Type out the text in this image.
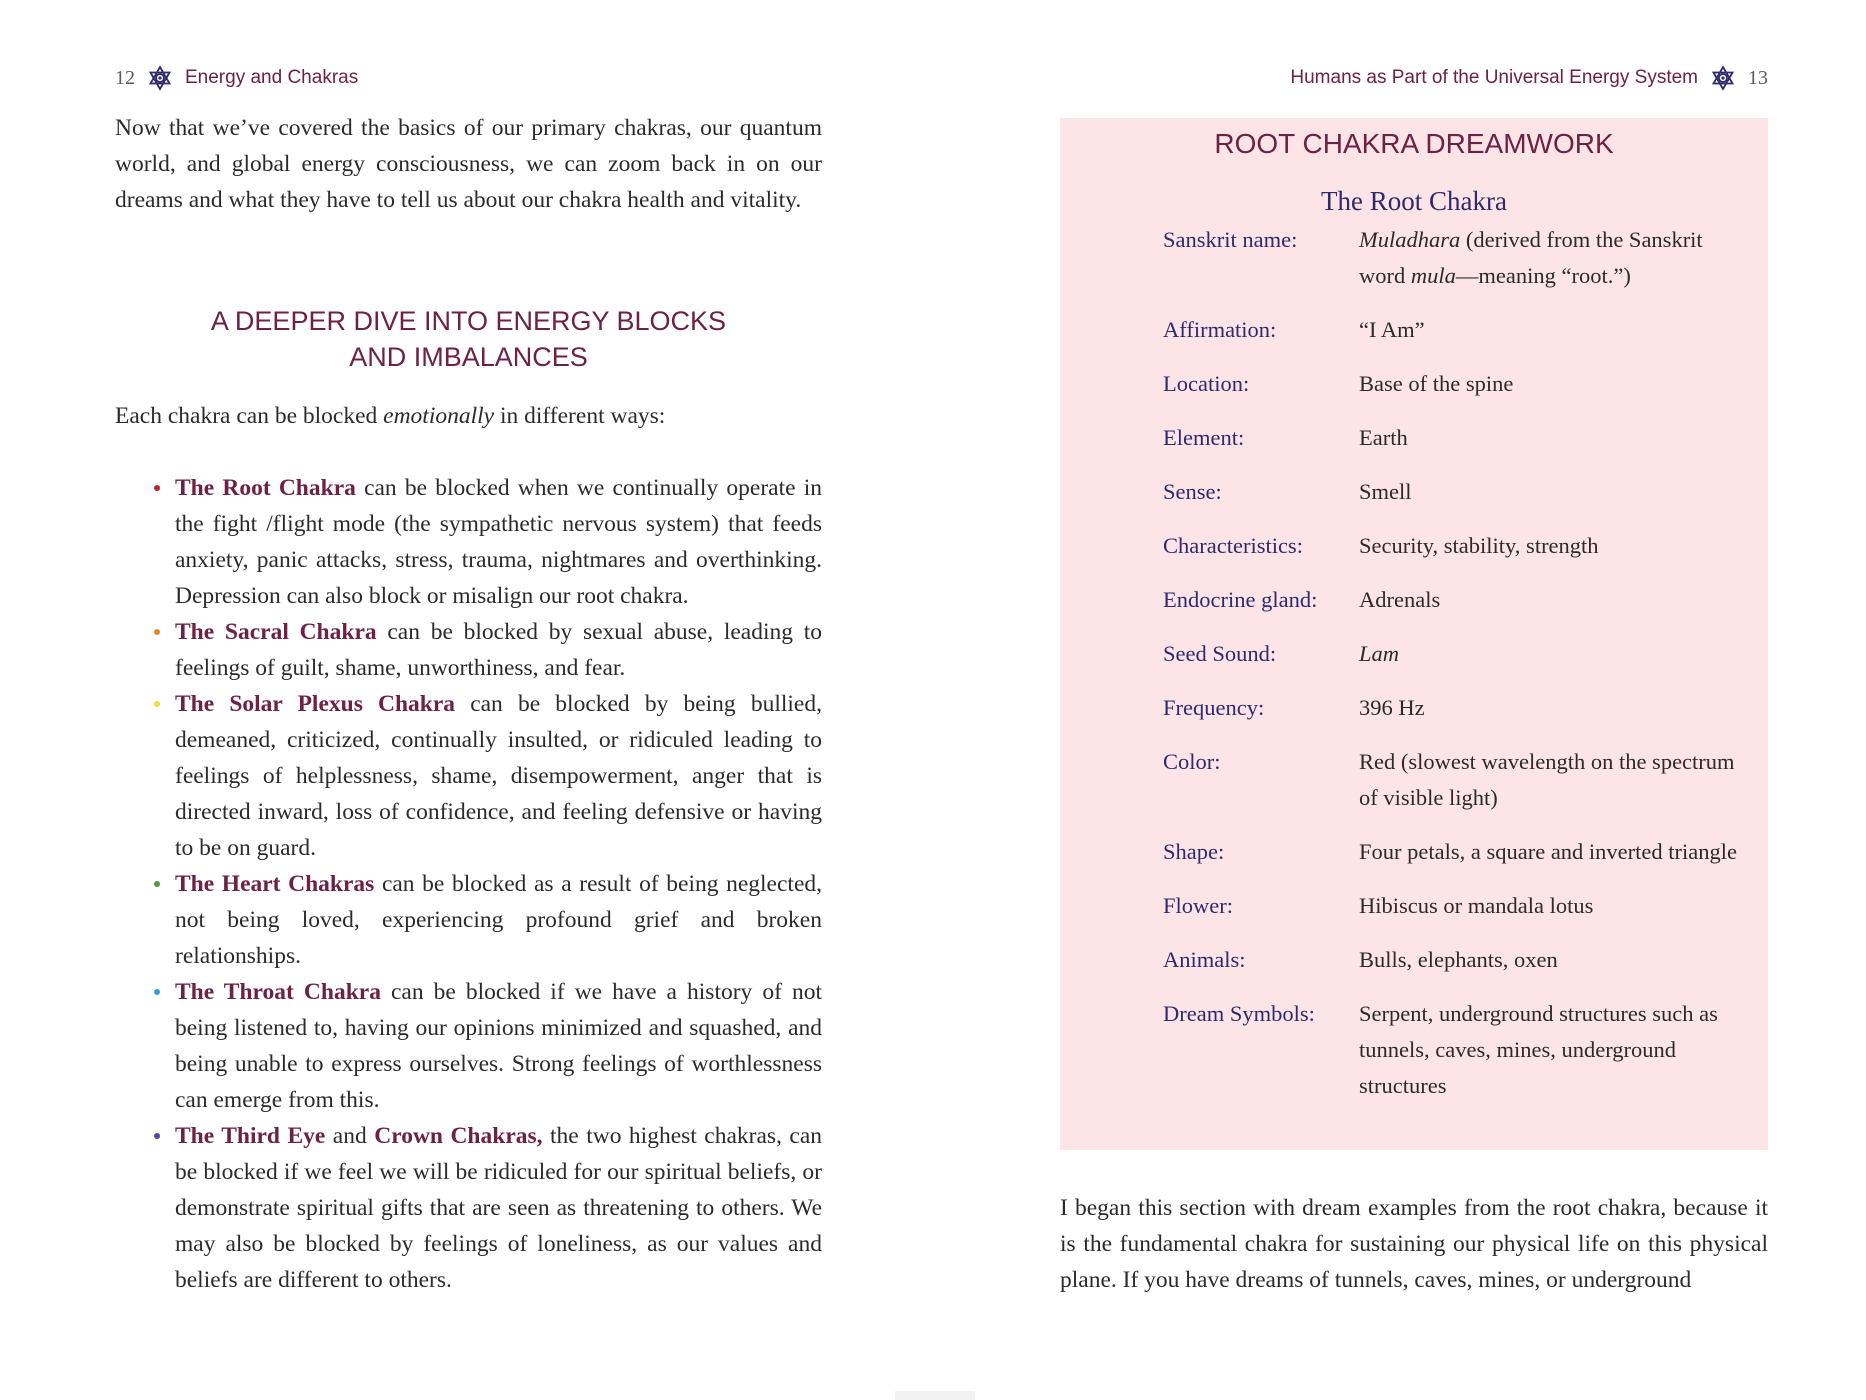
12	Energy and Chakras

Now that we’ve covered the basics of our primary chakras, our quantum world, and global energy consciousness, we can zoom back in on our dreams and what they have to tell us about our chakra health and vitality.

A DEEPER DIVE INTO ENERGY BLOCKS
AND IMBALANCES

Each chakra can be blocked emotionally in different ways:

The Root Chakra can be blocked when we continually operate in the fight /flight mode (the sympathetic nervous system) that feeds anxiety, panic attacks, stress, trauma, nightmares and overthinking. Depression can also block or misalign our root chakra.
The Sacral Chakra can be blocked by sexual abuse, leading to feelings of guilt, shame, unworthiness, and fear.
The Solar Plexus Chakra can be blocked by being bullied, demeaned, criticized, continually insulted, or ridiculed leading to feelings of helplessness, shame, disempowerment, anger that is directed inward, loss of confidence, and feeling defensive or having to be on guard.
The Heart Chakras can be blocked as a result of being neglected, not being loved, experiencing profound grief and broken relationships.
The Throat Chakra can be blocked if we have a history of not being listened to, having our opinions minimized and squashed, and being unable to express ourselves. Strong feelings of worthlessness can emerge from this.
The Third Eye and Crown Chakras, the two highest chakras, can be blocked if we feel we will be ridiculed for our spiritual beliefs, or demonstrate spiritual gifts that are seen as threatening to others. We may also be blocked by feelings of loneliness, as our values and beliefs are different to others.
Humans as Part of the Universal Energy System	13
ROOT CHAKRA DREAMWORK
The Root Chakra
Sanskrit name:	Muladhara (derived from the Sanskrit word mula—meaning “root.”)
Affirmation:	“I Am”
Location:	Base of the spine
Element:	Earth
Sense:	Smell
Characteristics:	Security, stability, strength
Endocrine gland:	Adrenals
Seed Sound:	Lam
Frequency:	396 Hz
Color:	Red (slowest wavelength on the spectrum of visible light)
Shape:	Four petals, a square and inverted triangle
Flower:	Hibiscus or mandala lotus
Animals:	Bulls, elephants, oxen
Dream Symbols:	Serpent, underground structures such as tunnels, caves, mines, underground structures

I began this section with dream examples from the root chakra, because it is the fundamental chakra for sustaining our physical life on this physical plane. If you have dreams of tunnels, caves, mines, or underground
